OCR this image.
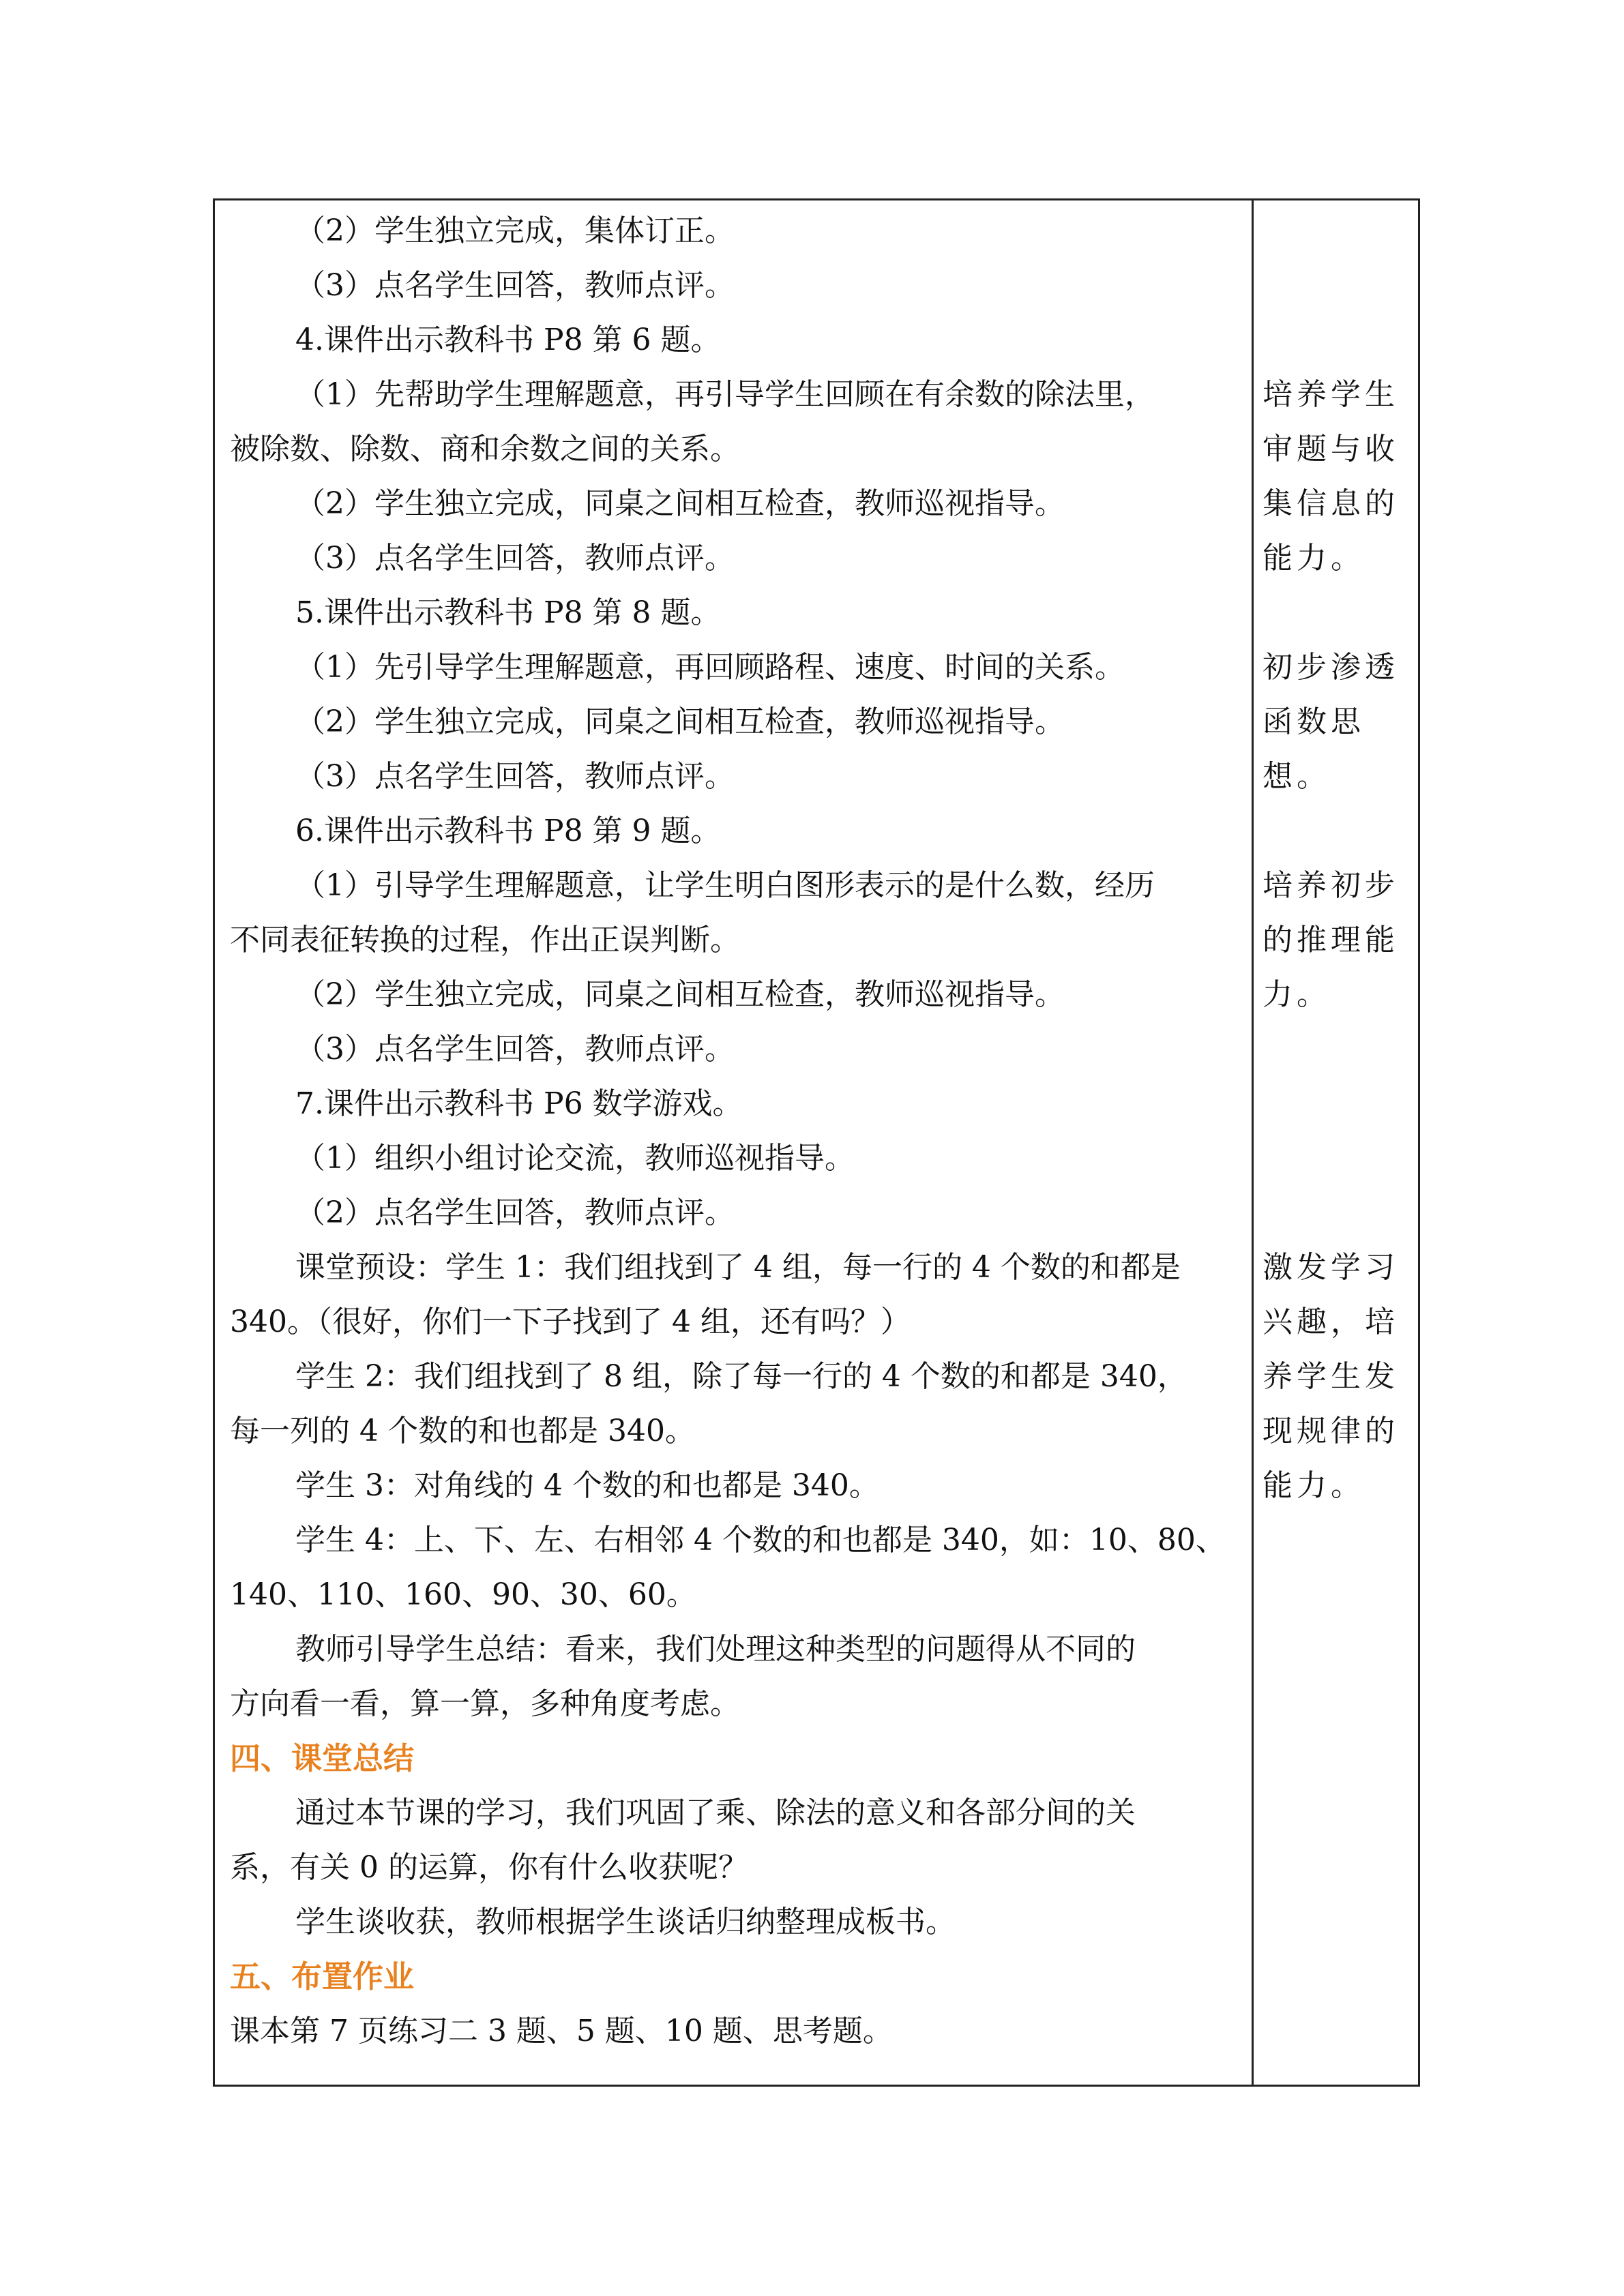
（2）学生独立完成，集体订正。
（3）点名学生回答，教师点评。
4.课件出示教科书 P8 第 6 题。
（1）先帮助学生理解题意，再引导学生回顾在有余数的除法里，
被除数、除数、商和余数之间的关系。
（2）学生独立完成，同桌之间相互检查，教师巡视指导。
（3）点名学生回答，教师点评。
5.课件出示教科书 P8 第 8 题。
（1）先引导学生理解题意，再回顾路程、速度、时间的关系。
（2）学生独立完成，同桌之间相互检查，教师巡视指导。
（3）点名学生回答，教师点评。
6.课件出示教科书 P8 第 9 题。
（1）引导学生理解题意，让学生明白图形表示的是什么数，经历
不同表征转换的过程，作出正误判断。
（2）学生独立完成，同桌之间相互检查，教师巡视指导。
（3）点名学生回答，教师点评。
7.课件出示教科书 P6 数学游戏。
（1）组织小组讨论交流，教师巡视指导。
（2）点名学生回答，教师点评。
课堂预设：学生 1：我们组找到了 4 组，每一行的 4 个数的和都是
340。（很好，你们一下子找到了 4 组，还有吗？）
学生 2：我们组找到了 8 组，除了每一行的 4 个数的和都是 340，
每一列的 4 个数的和也都是 340。
学生 3：对角线的 4 个数的和也都是 340。
学生 4：上、下、左、右相邻 4 个数的和也都是 340，如：10、80、
140、110、160、90、30、60。
教师引导学生总结：看来，我们处理这种类型的问题得从不同的
方向看一看，算一算，多种角度考虑。
四、课堂总结
通过本节课的学习，我们巩固了乘、除法的意义和各部分间的关
系，有关 0 的运算，你有什么收获呢？
学生谈收获，教师根据学生谈话归纳整理成板书。
五、布置作业
课本第 7 页练习二 3 题、5 题、10 题、思考题。
培养学生
审题与收
集信息的
能力。
初步渗透
函数思
想。
培养初步
的推理能
力。
激发学习
兴趣，培
养学生发
现规律的
能力。
